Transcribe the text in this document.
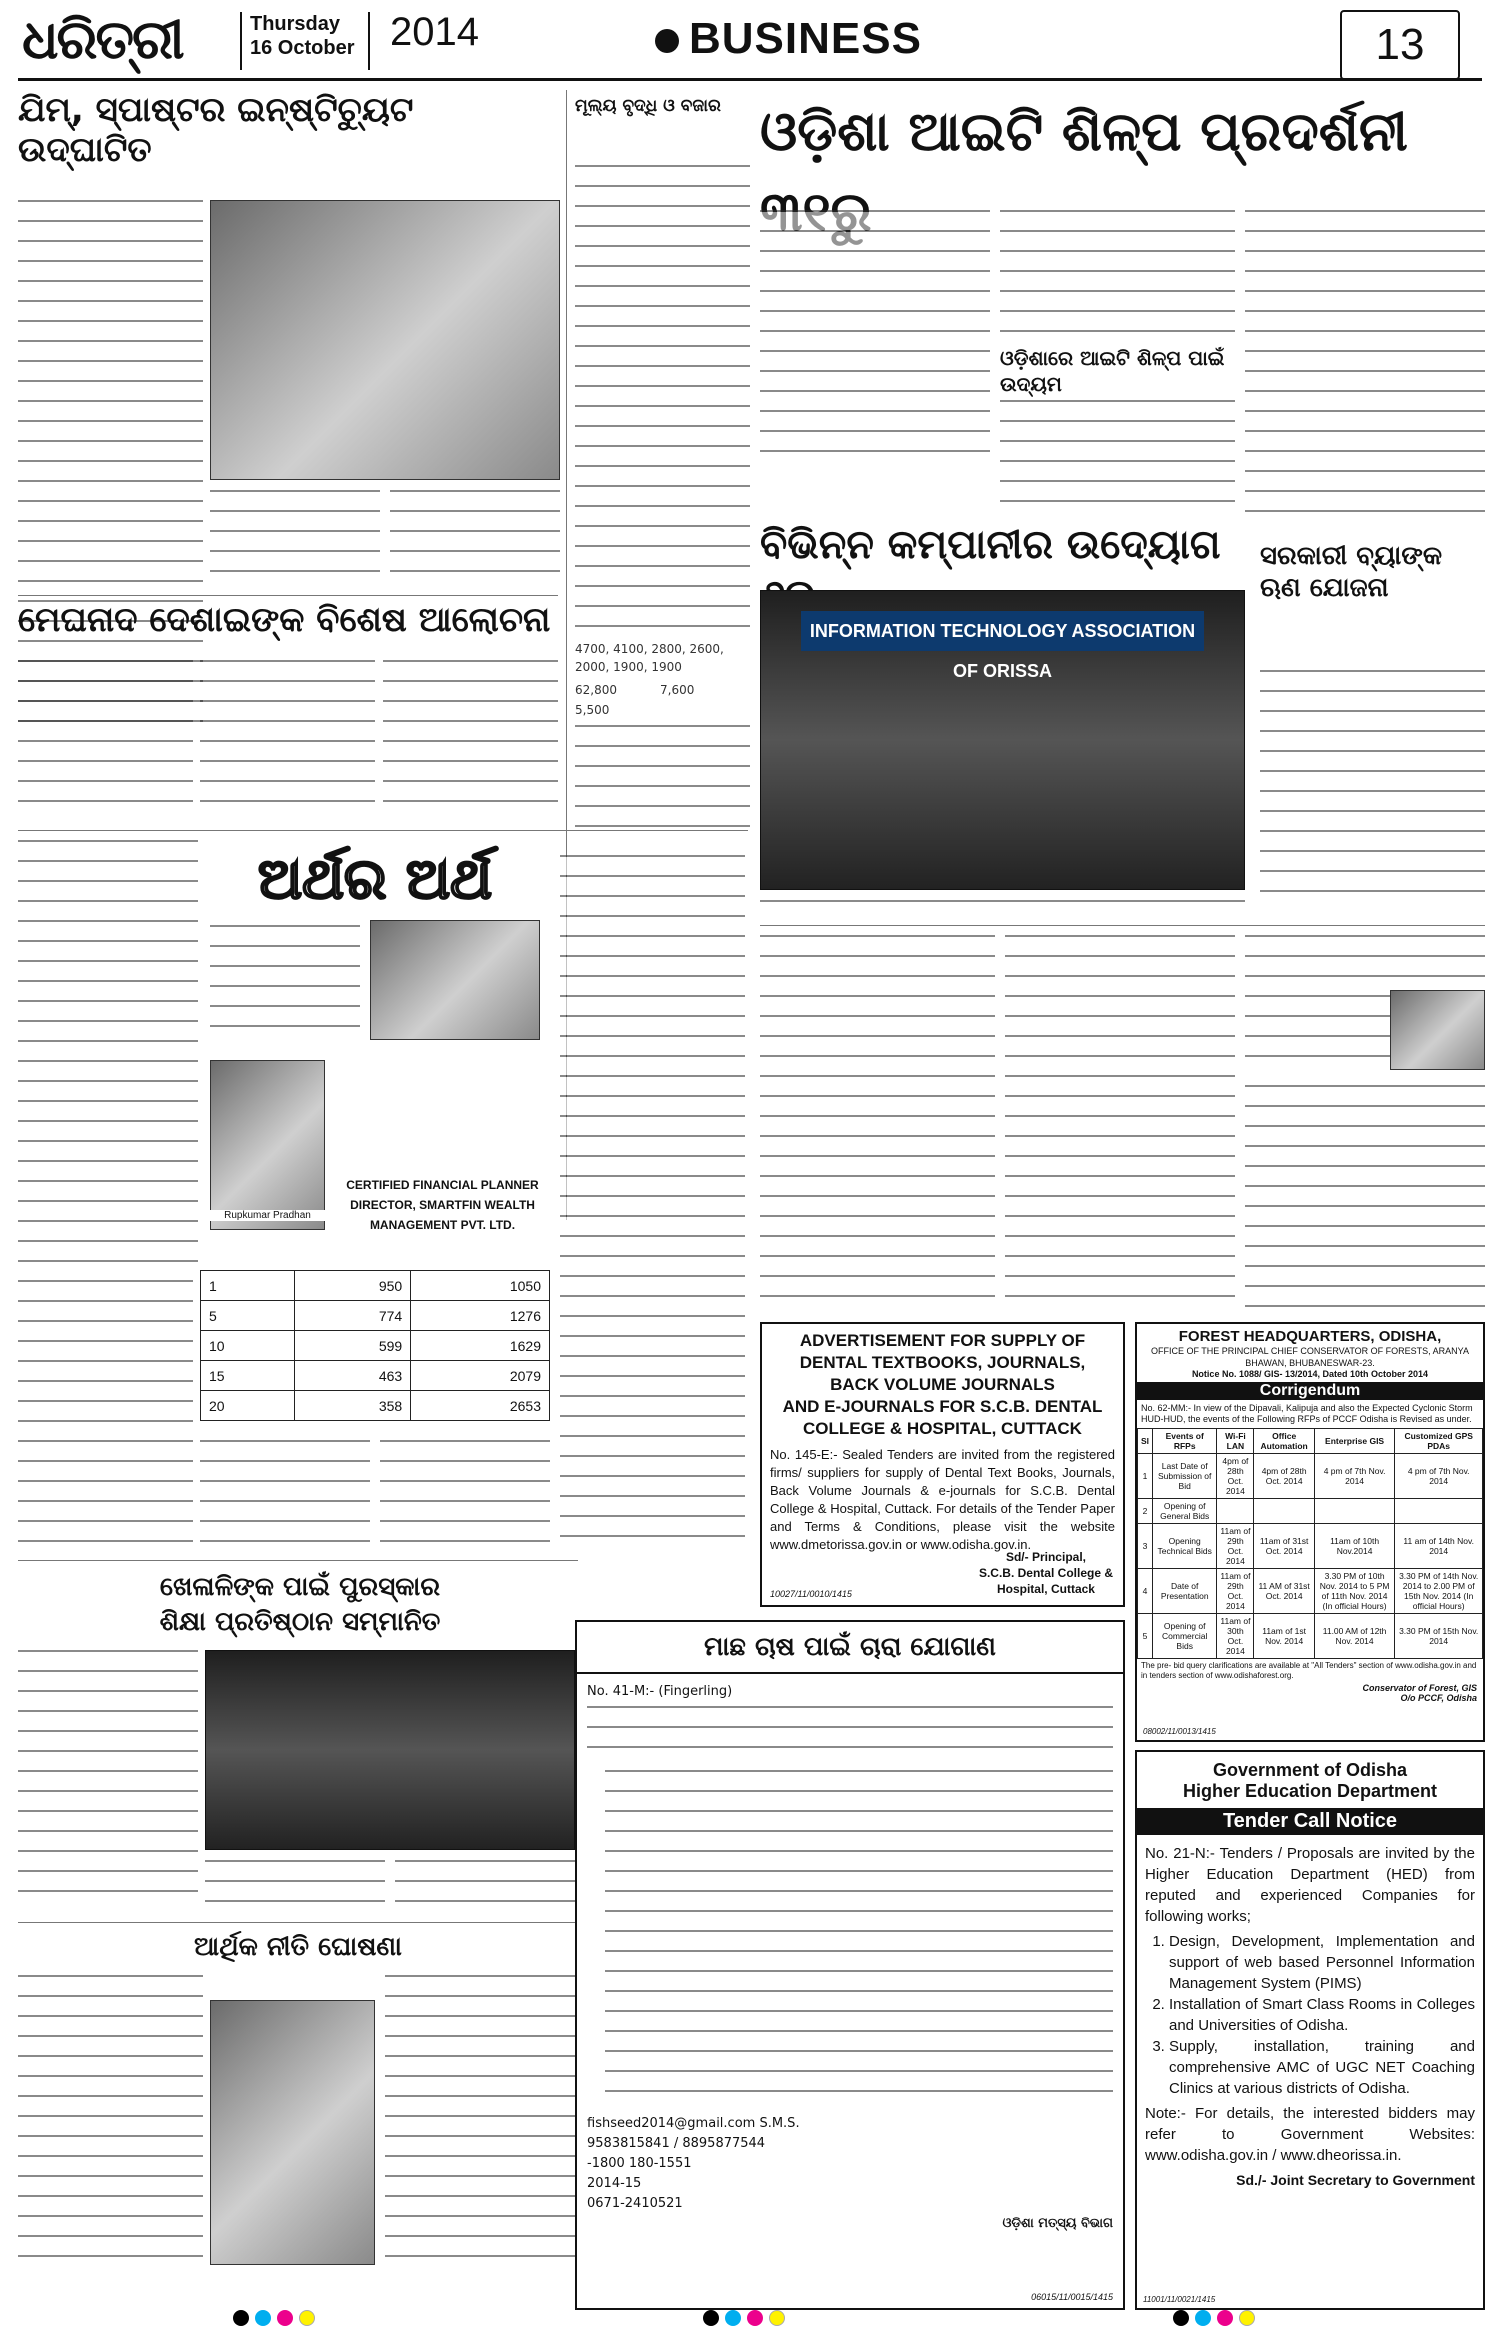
ଧରିତ୍ରୀ	Thursday
16 October 2014	BUSINESS	13
ଯିମ୍‌, ସ୍ପାଷ୍ଟର ଇନ୍ଷ୍ଟିଚ୍ୟୁଟ ଉଦ୍‌ଘାଟିତ
ମେଘନାଦ ଦେଶାଇଙ୍କ ବିଶେଷ ଆଲୋଚନା
ମୂଲ୍ୟ ବୃଦ୍ଧି ଓ ବଜାର
4700, 4100, 2800, 2600, 2000, 1900, 1900
62,800	7,600
5,500
ଅର୍ଥର ଅର୍ଥ
Rupkumar Pradhan
CERTIFIED FINANCIAL PLANNER
DIRECTOR, SMARTFIN WEALTH
MANAGEMENT PVT. LTD.
1	950	1050
5	774	1276
10	599	1629
15	463	2079
20	358	2653
ଖେଳାଳିଙ୍କ ପାଇଁ ପୁରସ୍କାର
ଶିକ୍ଷା ପ୍ରତିଷ୍ଠାନ ସମ୍ମାନିତ
ଆର୍ଥିକ ନୀତି ଘୋଷଣା
ଓଡ଼ିଶା ଆଇଟି ଶିଳ୍ପ ପ୍ରଦର୍ଶନୀ
ଓଡ଼ିଶାରେ ଆଇଟି ଶିଳ୍ପ ପାଇଁ ଉଦ୍ୟମ
ବିଭିନ୍ନ କମ୍ପାନୀର ଉଦ୍ୟୋଗ	ସରକାରୀ ବ୍ୟାଙ୍କ ଋଣ ଯୋଜନା
INFORMATION TECHNOLOGY ASSOCIATION OF ORISSA
ADVERTISEMENT FOR SUPPLY OF
DENTAL TEXTBOOKS, JOURNALS,
BACK VOLUME JOURNALS
AND E-JOURNALS FOR S.C.B. DENTAL
COLLEGE & HOSPITAL, CUTTACK
No. 145-E:- Sealed Tenders are invited from the registered firms/ suppliers for supply of Dental Text Books, Journals, Back Volume Journals & e-journals for S.C.B. Dental College & Hospital, Cuttack. For details of the Tender Paper and Terms & Conditions, please visit the website www.dmetorissa.gov.in or www.odisha.gov.in.
Sd/- Principal,
S.C.B. Dental College &
Hospital, Cuttack
10027/11/0010/1415
ମାଛ ଚାଷ ପାଇଁ ଚାରା ଯୋଗାଣ
No. 41-M:- (Fingerling)
fishseed2014@gmail.com S.M.S.
9583815841 / 8895877544
-1800 180-1551
2014-15
0671-2410521
ଓଡ଼ିଶା ମତ୍ସ୍ୟ ବିଭାଗ
06015/11/0015/1415
FOREST HEADQUARTERS, ODISHA,
OFFICE OF THE PRINCIPAL CHIEF CONSERVATOR OF FORESTS, ARANYA BHAWAN, BHUBANESWAR-23.
Notice No. 1088/ GIS- 13/2014, Dated 10th October 2014
Corrigendum
No. 62-MM:- In view of the Dipavali, Kalipuja and also the Expected Cyclonic Storm HUD-HUD, the events of the Following RFPs of PCCF Odisha is Revised as under.
Sl	Events of RFPs	Wi-Fi LAN	Office Automation	Enterprise GIS	Customized GPS PDAs
1	Last Date of Submission of Bid	4pm of 28th Oct. 2014	4pm of 28th Oct. 2014	4 pm of 7th Nov. 2014	4 pm of 7th Nov. 2014
2	Opening of General Bids				
3	Opening Technical Bids	11am of 29th Oct. 2014	11am of 31st Oct. 2014	11am of 10th Nov.2014	11 am of 14th Nov. 2014
4	Date of Presentation	11am of 29th Oct. 2014	11 AM of 31st Oct. 2014	3.30 PM of 10th Nov. 2014 to 5 PM of 11th Nov. 2014 (In official Hours)	3.30 PM of 14th Nov. 2014 to 2.00 PM of 15th Nov. 2014 (In official Hours)
5	Opening of Commercial Bids	11am of 30th Oct. 2014	11am of 1st Nov. 2014	11.00 AM of 12th Nov. 2014	3.30 PM of 15th Nov. 2014
The pre- bid query clarifications are available at "All Tenders" section of www.odisha.gov.in and in tenders section of www.odishaforest.org.
Conservator of Forest, GIS
O/o PCCF, Odisha
08002/11/0013/1415
Government of Odisha
Higher Education Department
Tender Call Notice
No. 21-N:- Tenders / Proposals are invited by the Higher Education Department (HED) from reputed and experienced Companies for following works;
1. Design, Development, Implementation and support of web based Personnel Information Management System (PIMS)
2. Installation of Smart Class Rooms in Colleges and Universities of Odisha.
3. Supply, installation, training and comprehensive AMC of UGC NET Coaching Clinics at various districts of Odisha.
Note:- For details, the interested bidders may refer to Government Websites: www.odisha.gov.in / www.dheorissa.in.
Sd./- Joint Secretary to Government
11001/11/0021/1415
